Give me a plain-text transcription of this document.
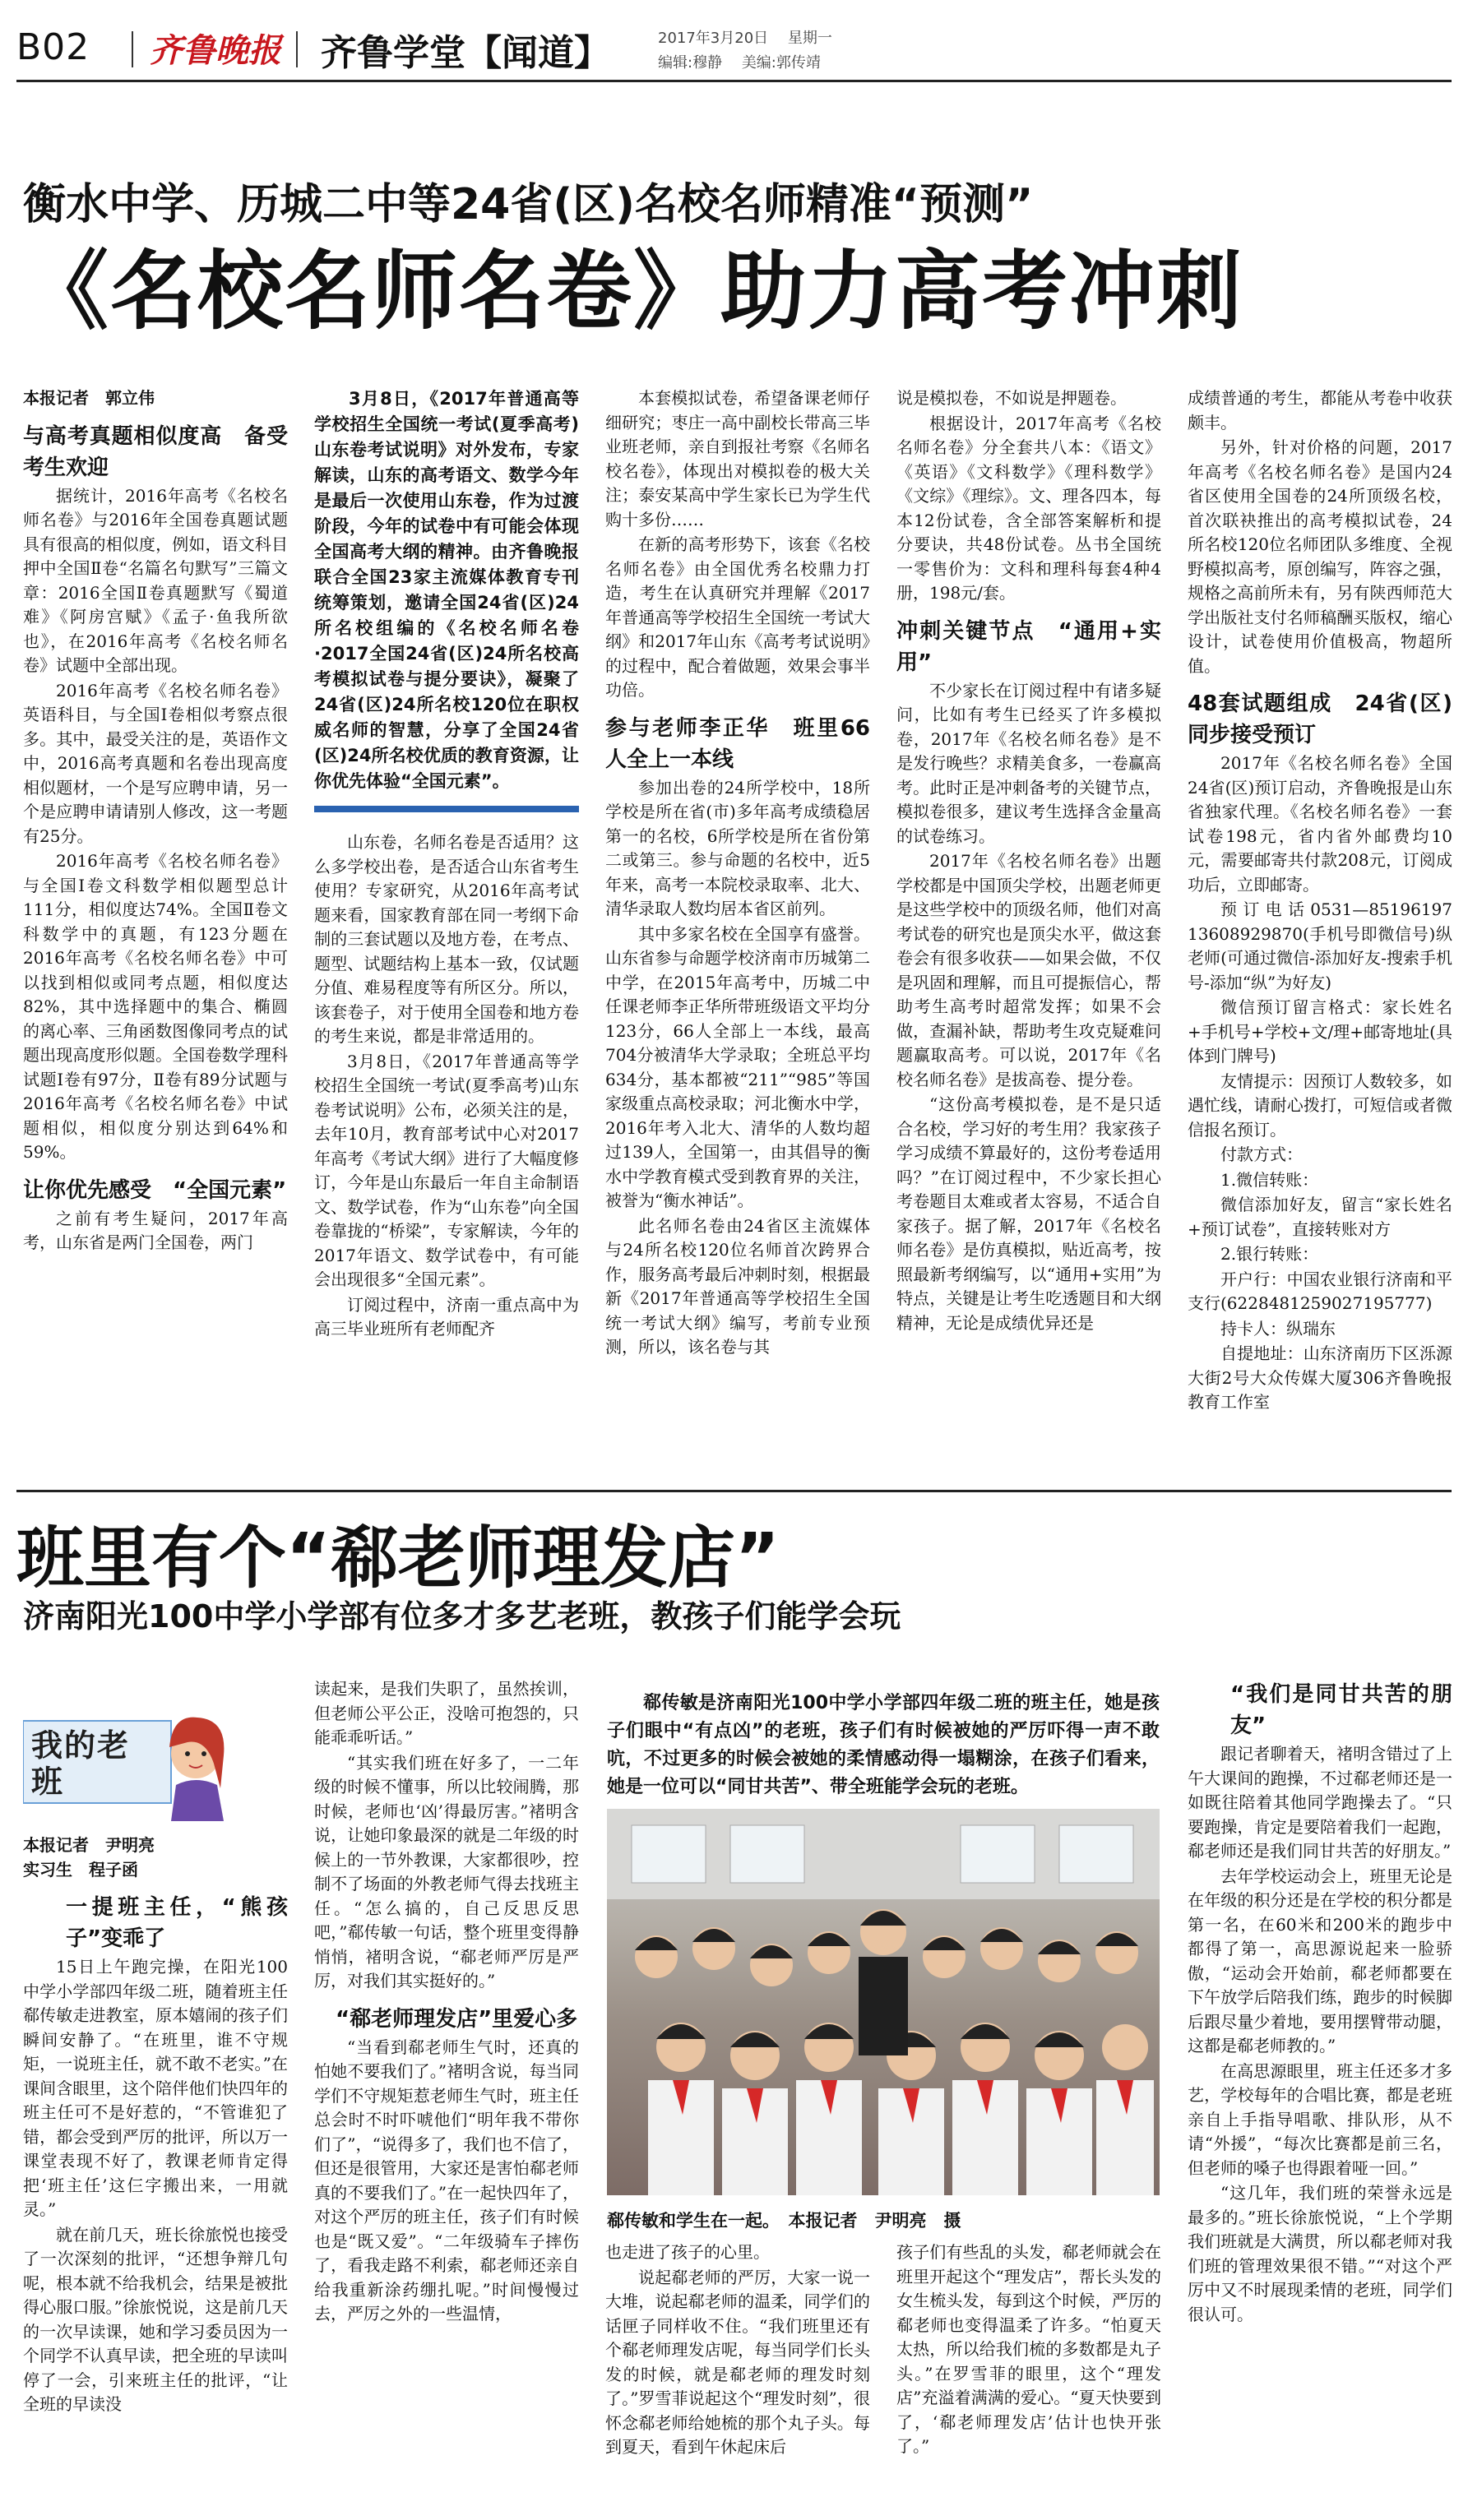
B02 齐鲁晚报 齐鲁学堂【闻道】	2017年3月20日　 星期一
编辑:穆静　 美编:郭传靖
衡水中学、历城二中等24省(区)名校名师精准“预测”
《名校名师名卷》助力高考冲刺

本报记者　郭立伟

与高考真题相似度高　备受考生欢迎

据统计，2016年高考《名校名师名卷》与2016年全国卷真题试题具有很高的相似度，例如，语文科目押中全国Ⅱ卷“名篇名句默写”三篇文章：2016全国Ⅱ卷真题默写《蜀道难》《阿房宫赋》《孟子·鱼我所欲也》，在2016年高考《名校名师名卷》试题中全部出现。

2016年高考《名校名师名卷》英语科目，与全国Ⅰ卷相似考察点很多。其中，最受关注的是，英语作文中，2016高考真题和名卷出现高度相似题材，一个是写应聘申请，另一个是应聘申请请别人修改，这一考题有25分。

2016年高考《名校名师名卷》与全国Ⅰ卷文科数学相似题型总计111分，相似度达74%。全国Ⅱ卷文科数学中的真题，有123分题在2016年高考《名校名师名卷》中可以找到相似或同考点题，相似度达82%，其中选择题中的集合、椭圆的离心率、三角函数图像同考点的试题出现高度形似题。全国卷数学理科试题Ⅰ卷有97分，Ⅱ卷有89分试题与2016年高考《名校名师名卷》中试题相似，相似度分别达到64%和59%。

让你优先感受　“全国元素”

之前有考生疑问，2017年高考，山东省是两门全国卷，两门

3月8日，《2017年普通高等学校招生全国统一考试(夏季高考)山东卷考试说明》对外发布，专家解读，山东的高考语文、数学今年是最后一次使用山东卷，作为过渡阶段，今年的试卷中有可能会体现全国高考大纲的精神。由齐鲁晚报联合全国23家主流媒体教育专刊统筹策划，邀请全国24省(区)24所名校组编的《名校名师名卷·2017全国24省(区)24所名校高考模拟试卷与提分要诀》，凝聚了24省(区)24所名校120位在职权威名师的智慧，分享了全国24省(区)24所名校优质的教育资源，让你优先体验“全国元素”。

山东卷，名师名卷是否适用？这么多学校出卷，是否适合山东省考生使用？专家研究，从2016年高考试题来看，国家教育部在同一考纲下命制的三套试题以及地方卷，在考点、题型、试题结构上基本一致，仅试题分值、难易程度等有所区分。所以，该套卷子，对于使用全国卷和地方卷的考生来说，都是非常适用的。

3月8日，《2017年普通高等学校招生全国统一考试(夏季高考)山东卷考试说明》公布，必须关注的是，去年10月，教育部考试中心对2017年高考《考试大纲》进行了大幅度修订，今年是山东最后一年自主命制语文、数学试卷，作为“山东卷”向全国卷靠拢的“桥梁”，专家解读，今年的2017年语文、数学试卷中，有可能会出现很多“全国元素”。

订阅过程中，济南一重点高中为高三毕业班所有老师配齐

本套模拟试卷，希望备课老师仔细研究；枣庄一高中副校长带高三毕业班老师，亲自到报社考察《名师名校名卷》，体现出对模拟卷的极大关注；泰安某高中学生家长已为学生代购十多份……

在新的高考形势下，该套《名校名师名卷》由全国优秀名校鼎力打造，考生在认真研究并理解《2017年普通高等学校招生全国统一考试大纲》和2017年山东《高考考试说明》的过程中，配合着做题，效果会事半功倍。

参与老师李正华　班里66人全上一本线

参加出卷的24所学校中，18所学校是所在省(市)多年高考成绩稳居第一的名校，6所学校是所在省份第二或第三。参与命题的名校中，近5年来，高考一本院校录取率、北大、清华录取人数均居本省区前列。

其中多家名校在全国享有盛誉。山东省参与命题学校济南市历城第二中学，在2015年高考中，历城二中任课老师李正华所带班级语文平均分123分，66人全部上一本线，最高704分被清华大学录取；全班总平均634分，基本都被“211”“985”等国家级重点高校录取；河北衡水中学，2016年考入北大、清华的人数均超过139人，全国第一，由其倡导的衡水中学教育模式受到教育界的关注，被誉为“衡水神话”。

此名师名卷由24省区主流媒体与24所名校120位名师首次跨界合作，服务高考最后冲刺时刻，根据最新《2017年普通高等学校招生全国统一考试大纲》编写，考前专业预测，所以，该名卷与其

说是模拟卷，不如说是押题卷。

根据设计，2017年高考《名校名师名卷》分全套共八本：《语文》《英语》《文科数学》《理科数学》《文综》《理综》。文、理各四本，每本12份试卷，含全部答案解析和提分要诀，共48份试卷。丛书全国统一零售价为：文科和理科每套4种4册，198元/套。

冲刺关键节点　“通用+实用”

不少家长在订阅过程中有诸多疑问，比如有考生已经买了许多模拟卷，2017年《名校名师名卷》是不是发行晚些？求精美食多，一卷赢高考。此时正是冲刺备考的关键节点，模拟卷很多，建议考生选择含金量高的试卷练习。

2017年《名校名师名卷》出题学校都是中国顶尖学校，出题老师更是这些学校中的顶级名师，他们对高考试卷的研究也是顶尖水平，做这套卷会有很多收获——如果会做，不仅是巩固和理解，而且可提振信心，帮助考生高考时超常发挥；如果不会做，查漏补缺，帮助考生攻克疑难问题赢取高考。可以说，2017年《名校名师名卷》是拔高卷、提分卷。

“这份高考模拟卷，是不是只适合名校，学习好的考生用？我家孩子学习成绩不算最好的，这份考卷适用吗？”在订阅过程中，不少家长担心考卷题目太难或者太容易，不适合自家孩子。据了解，2017年《名校名师名卷》是仿真模拟，贴近高考，按照最新考纲编写，以“通用+实用”为特点，关键是让考生吃透题目和大纲精神，无论是成绩优异还是

成绩普通的考生，都能从考卷中收获颇丰。

另外，针对价格的问题，2017年高考《名校名师名卷》是国内24省区使用全国卷的24所顶级名校，首次联袂推出的高考模拟试卷，24所名校120位名师团队多维度、全视野模拟高考，原创编写，阵容之强，规格之高前所未有，另有陕西师范大学出版社支付名师稿酬买版权，缩心设计，试卷使用价值极高，物超所值。

48套试题组成　24省(区)同步接受预订

2017年《名校名师名卷》全国24省(区)预订启动，齐鲁晚报是山东省独家代理。《名校名师名卷》一套试卷198元，省内省外邮费均10元，需要邮寄共付款208元，订阅成功后，立即邮寄。

预订电话0531—85196197 13608929870(手机号即微信号)纵老师(可通过微信-添加好友-搜索手机号-添加“纵”为好友)

微信预订留言格式：家长姓名+手机号+学校+文/理+邮寄地址(具体到门牌号)

友情提示：因预订人数较多，如遇忙线，请耐心拨打，可短信或者微信报名预订。

付款方式：

1.微信转账：

微信添加好友，留言“家长姓名+预订试卷”，直接转账对方

2.银行转账：

开户行：中国农业银行济南和平支行(6228481259027195777)

持卡人：纵瑞东

自提地址：山东济南历下区泺源大街2号大众传媒大厦306齐鲁晚报教育工作室

班里有个“郗老师理发店”
济南阳光100中学小学部有位多才多艺老班，教孩子们能学会玩
我的老班

本报记者　尹明亮

实习生　程子函

一提班主任，“熊孩子”变乖了

15日上午跑完操，在阳光100中学小学部四年级二班，随着班主任郗传敏走进教室，原本嬉闹的孩子们瞬间安静了。“在班里，谁不守规矩，一说班主任，就不敢不老实。”在课间含眼里，这个陪伴他们快四年的班主任可不是好惹的，“不管谁犯了错，都会受到严厉的批评，所以万一课堂表现不好了，教课老师肯定得把‘班主任’这仨字搬出来，一用就灵。”

就在前几天，班长徐旅悦也接受了一次深刻的批评，“还想争辩几句呢，根本就不给我机会，结果是被批得心服口服。”徐旅悦说，这是前几天的一次早读课，她和学习委员因为一个同学不认真早读，把全班的早读叫停了一会，引来班主任的批评，“让全班的早读没

读起来，是我们失职了，虽然挨训，但老师公平公正，没啥可抱怨的，只能乖乖听话。”

“其实我们班在好多了，一二年级的时候不懂事，所以比较闹腾，那时候，老师也‘凶’得最厉害。”褚明含说，让她印象最深的就是二年级的时候上的一节外教课，大家都很吵，控制不了场面的外教老师气得去找班主任。“怎么搞的，自己反思反思吧，”郗传敏一句话，整个班里变得静悄悄，褚明含说，“郗老师严厉是严厉，对我们其实挺好的。”

“郗老师理发店”里爱心多

“当看到郗老师生气时，还真的怕她不要我们了。”褚明含说，每当同学们不守规矩惹老师生气时，班主任总会时不时吓唬他们“明年我不带你们了”，“说得多了，我们也不信了，但还是很管用，大家还是害怕郗老师真的不要我们了。”在一起快四年了，对这个严厉的班主任，孩子们有时候也是“既又爱”。“二年级骑车子摔伤了，看我走路不利索，郗老师还亲自给我重新涂药绷扎呢。”时间慢慢过去，严厉之外的一些温情，

郗传敏是济南阳光100中学小学部四年级二班的班主任，她是孩子们眼中“有点凶”的老班，孩子们有时候被她的严厉吓得一声不敢吭，不过更多的时候会被她的柔情感动得一塌糊涂，在孩子们看来，她是一位可以“同甘共苦”、带全班能学会玩的老班。
郗传敏和学生在一起。　本报记者　尹明亮　摄

也走进了孩子的心里。

说起郗老师的严厉，大家一说一大堆，说起郗老师的温柔，同学们的话匣子同样收不住。“我们班里还有个郗老师理发店呢，每当同学们长头发的时候，就是郗老师的理发时刻了。”罗雪菲说起这个“理发时刻”，很怀念郗老师给她梳的那个丸子头。每到夏天，看到午休起床后

孩子们有些乱的头发，郗老师就会在班里开起这个“理发店”，帮长头发的女生梳头发，每到这个时候，严厉的郗老师也变得温柔了许多。“怕夏天太热，所以给我们梳的多数都是丸子头。”在罗雪菲的眼里，这个“理发店”充溢着满满的爱心。“夏天快要到了，‘郗老师理发店’估计也快开张了。”

“我们是同甘共苦的朋友”

跟记者聊着天，褚明含错过了上午大课间的跑操，不过郗老师还是一如既往陪着其他同学跑操去了。“只要跑操，肯定是要陪着我们一起跑，郗老师还是我们同甘共苦的好朋友。”

去年学校运动会上，班里无论是在年级的积分还是在学校的积分都是第一名，在60米和200米的跑步中都得了第一，高思源说起来一脸骄傲，“运动会开始前，郗老师都要在下午放学后陪我们练，跑步的时候脚后跟尽量少着地，要用摆臂带动腿，这都是郗老师教的。”

在高思源眼里，班主任还多才多艺，学校每年的合唱比赛，都是老班亲自上手指导唱歌、排队形，从不请“外援”，“每次比赛都是前三名，但老师的嗓子也得跟着哑一回。”

“这几年，我们班的荣誉永远是最多的。”班长徐旅悦说，“上个学期我们班就是大满贯，所以郗老师对我们班的管理效果很不错。”“对这个严厉中又不时展现柔情的老班，同学们很认可。
